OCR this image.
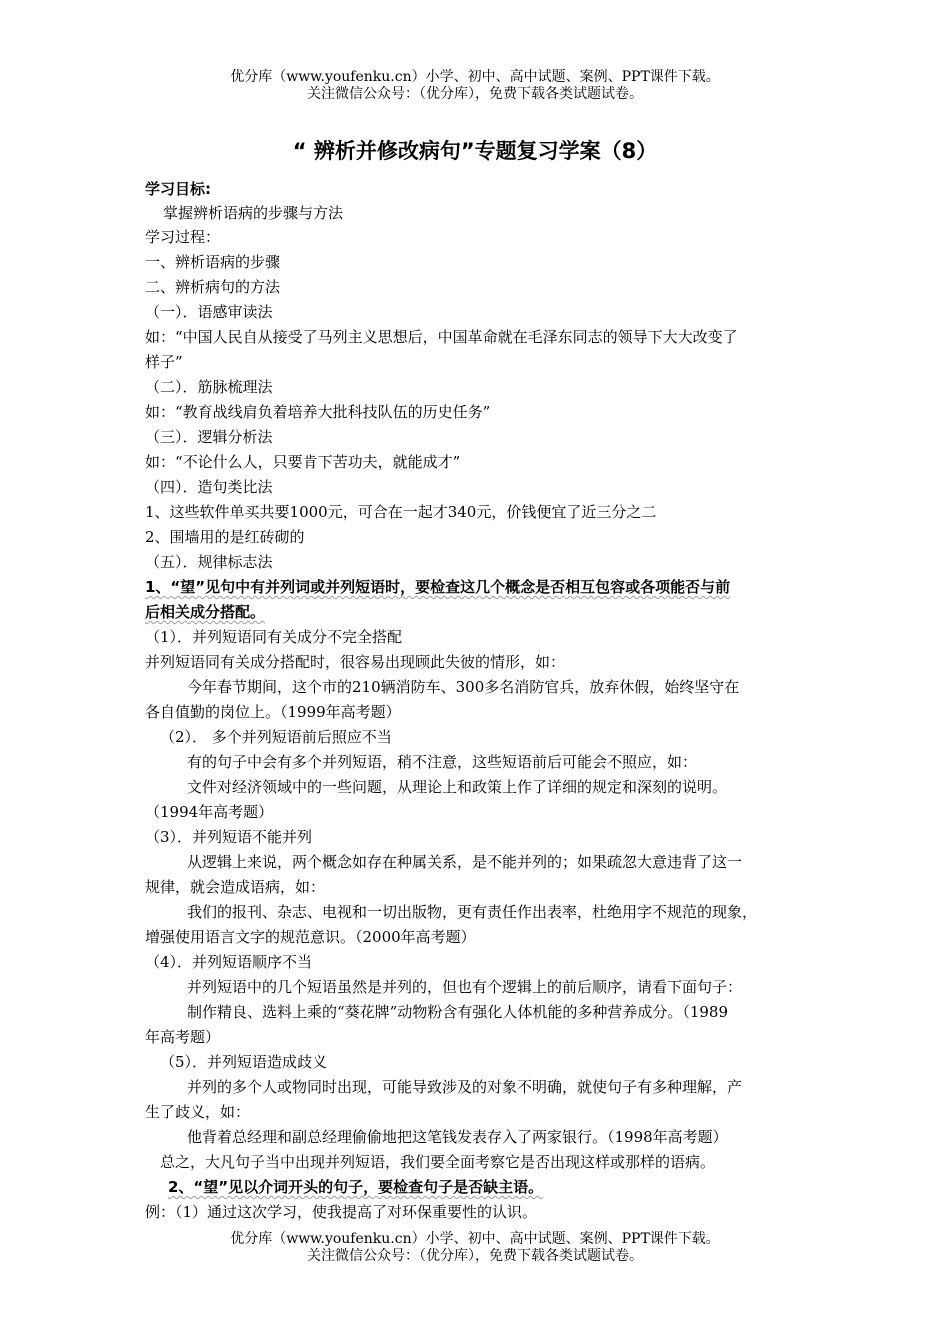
优分库（www.youfenku.cn）小学、初中、高中试题、案例、PPT课件下载。
关注微信公众号：（优分库），免费下载各类试题试卷。
“ 辨析并修改病句”专题复习学案（8）
学习目标:
掌握辨析语病的步骤与方法
学习过程：
一、辨析语病的步骤
二、辨析病句的方法
（一）．语感审读法
如：“中国人民自从接受了马列主义思想后，中国革命就在毛泽东同志的领导下大大改变了
样子”
（二）．筋脉梳理法
如：“教育战线肩负着培养大批科技队伍的历史任务”
（三）．逻辑分析法
如：“不论什么人，只要肯下苦功夫，就能成才”
（四）．造句类比法
1、这些软件单买共要1000元，可合在一起才340元，价钱便宜了近三分之二
2、围墙用的是红砖砌的
（五）．规律标志法
1、“望”见句中有并列词或并列短语时，要检查这几个概念是否相互包容或各项能否与前
后相关成分搭配。
（1）．并列短语同有关成分不完全搭配
并列短语同有关成分搭配时，很容易出现顾此失彼的情形，如：
今年春节期间，这个市的210辆消防车、300多名消防官兵，放弃休假，始终坚守在
各自值勤的岗位上。（1999年高考题）
（2）． 多个并列短语前后照应不当
有的句子中会有多个并列短语，稍不注意，这些短语前后可能会不照应，如：
文件对经济领域中的一些问题，从理论上和政策上作了详细的规定和深刻的说明。
（1994年高考题）
（3）．并列短语不能并列
从逻辑上来说，两个概念如存在种属关系，是不能并列的；如果疏忽大意违背了这一
规律，就会造成语病，如：
我们的报刊、杂志、电视和一切出版物，更有责任作出表率，杜绝用字不规范的现象，
增强使用语言文字的规范意识。（2000年高考题）
（4）．并列短语顺序不当
并列短语中的几个短语虽然是并列的，但也有个逻辑上的前后顺序，请看下面句子：
制作精良、选料上乘的“葵花牌”动物粉含有强化人体机能的多种营养成分。（1989
年高考题）
（5）．并列短语造成歧义
并列的多个人或物同时出现，可能导致涉及的对象不明确，就使句子有多种理解，产
生了歧义，如：
他背着总经理和副总经理偷偷地把这笔钱发表存入了两家银行。（1998年高考题）
总之，大凡句子当中出现并列短语，我们要全面考察它是否出现这样或那样的语病。
2、“望”见以介词开头的句子，要检查句子是否缺主语。
例：（1）通过这次学习，使我提高了对环保重要性的认识。
优分库（www.youfenku.cn）小学、初中、高中试题、案例、PPT课件下载。
关注微信公众号：（优分库），免费下载各类试题试卷。
